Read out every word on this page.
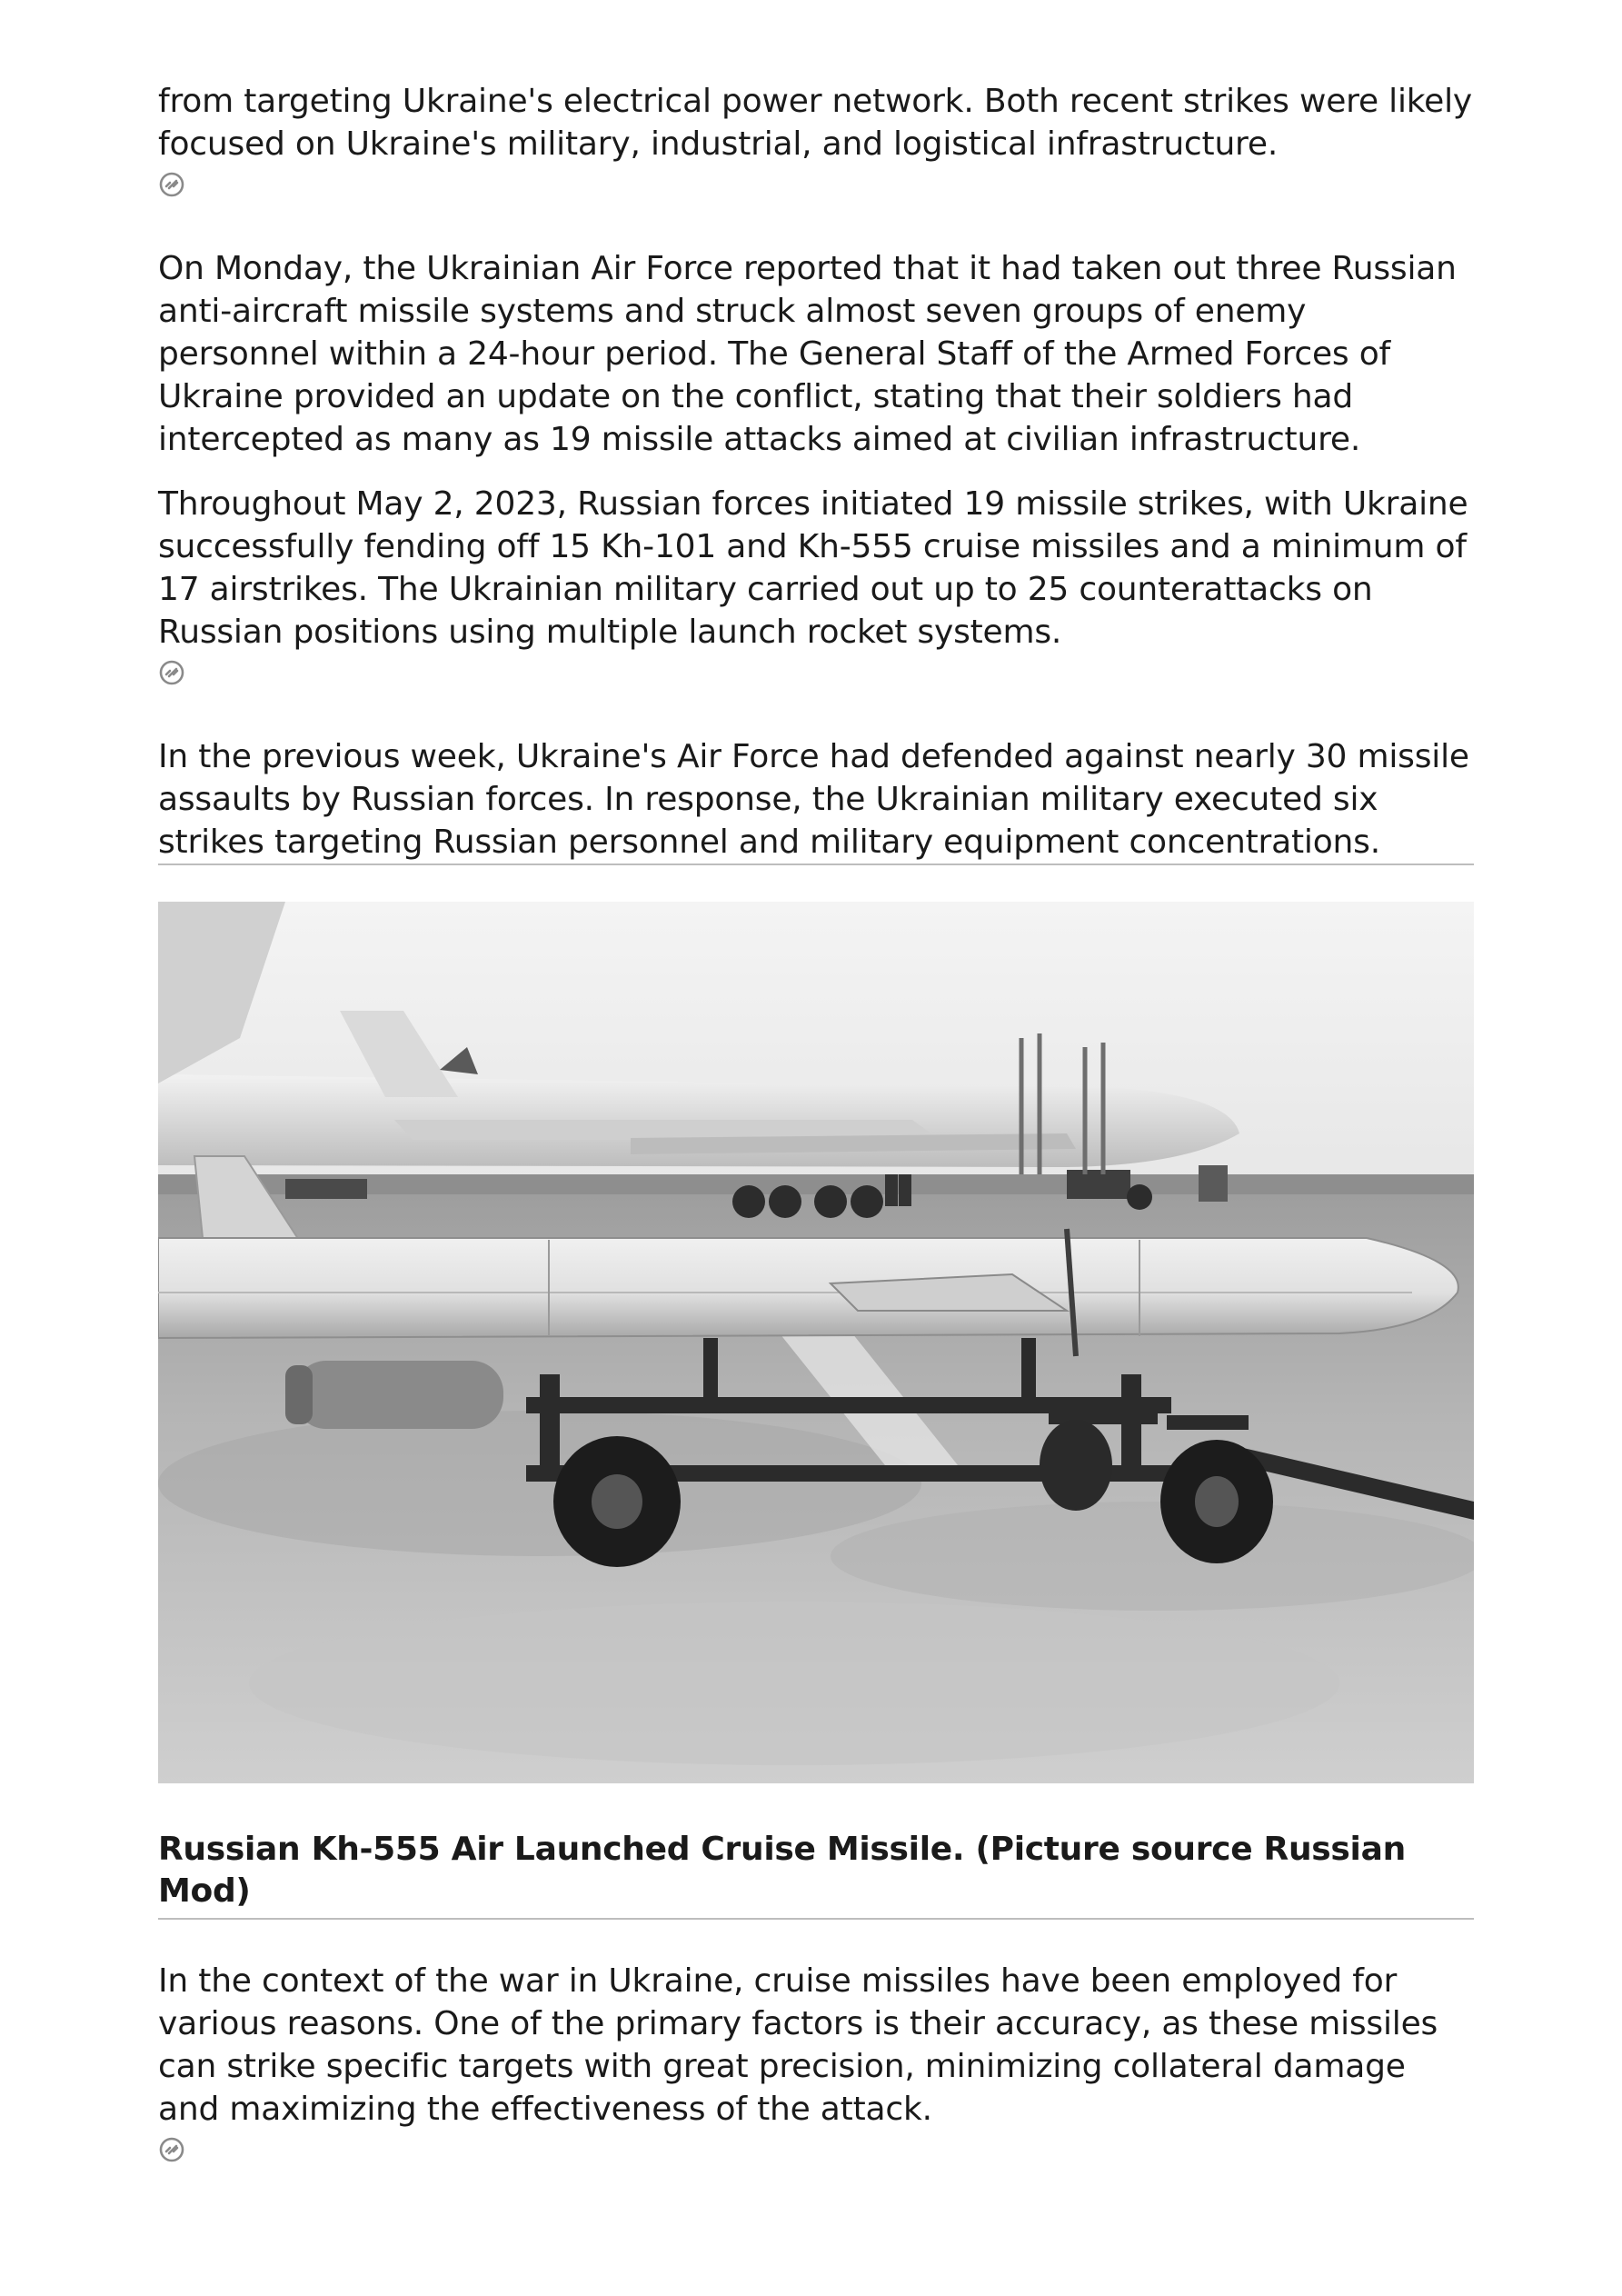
from targeting Ukraine's electrical power network. Both recent strikes were likely focused on Ukraine's military, industrial, and logistical infrastructure.

On Monday, the Ukrainian Air Force reported that it had taken out three Russian anti-aircraft missile systems and struck almost seven groups of enemy personnel within a 24-hour period. The General Staff of the Armed Forces of Ukraine provided an update on the conflict, stating that their soldiers had intercepted as many as 19 missile attacks aimed at civilian infrastructure.

Throughout May 2, 2023, Russian forces initiated 19 missile strikes, with Ukraine successfully fending off 15 Kh-101 and Kh-555 cruise missiles and a minimum of 17 airstrikes. The Ukrainian military carried out up to 25 counterattacks on Russian positions using multiple launch rocket systems.

In the previous week, Ukraine's Air Force had defended against nearly 30 missile assaults by Russian forces. In response, the Ukrainian military executed six strikes targeting Russian personnel and military equipment concentrations.

Russian Kh-555 Air Launched Cruise Missile. (Picture source Russian Mod)

In the context of the war in Ukraine, cruise missiles have been employed for various reasons. One of the primary factors is their accuracy, as these missiles can strike specific targets with great precision, minimizing collateral damage and maximizing the effectiveness of the attack.
